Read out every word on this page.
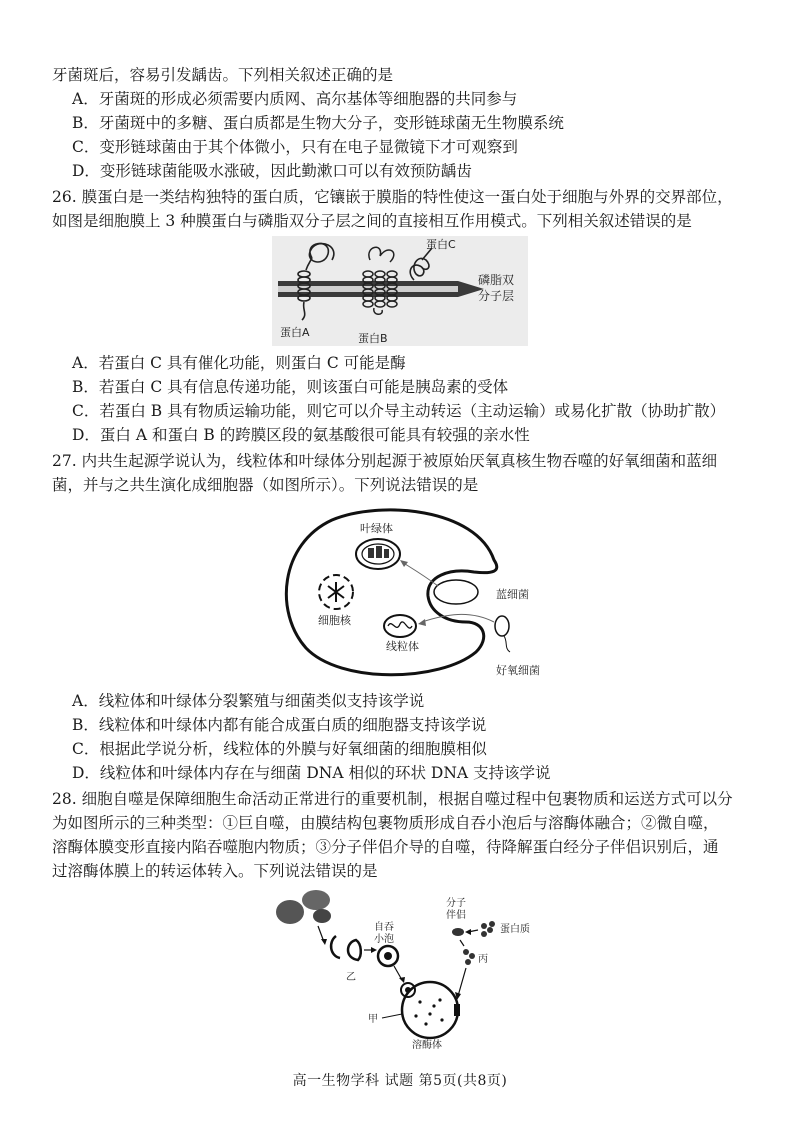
牙菌斑后，容易引发龋齿。下列相关叙述正确的是
A．牙菌斑的形成必须需要内质网、高尔基体等细胞器的共同参与
B．牙菌斑中的多糖、蛋白质都是生物大分子，变形链球菌无生物膜系统
C．变形链球菌由于其个体微小，只有在电子显微镜下才可观察到
D．变形链球菌能吸水涨破，因此勤漱口可以有效预防龋齿
26. 膜蛋白是一类结构独特的蛋白质，它镶嵌于膜脂的特性使这一蛋白处于细胞与外界的交界部位，
如图是细胞膜上 3 种膜蛋白与磷脂双分子层之间的直接相互作用模式。下列相关叙述错误的是
蛋白A	蛋白B
蛋白C
磷脂双
分子层
A．若蛋白 C 具有催化功能，则蛋白 C 可能是酶
B．若蛋白 C 具有信息传递功能，则该蛋白可能是胰岛素的受体
C．若蛋白 B 具有物质运输功能，则它可以介导主动转运（主动运输）或易化扩散（协助扩散）
D．蛋白 A 和蛋白 B 的跨膜区段的氨基酸很可能具有较强的亲水性
27. 内共生起源学说认为，线粒体和叶绿体分别起源于被原始厌氧真核生物吞噬的好氧细菌和蓝细
菌，并与之共生演化成细胞器（如图所示）。下列说法错误的是
叶绿体
细胞核
线粒体
蓝细菌
好氧细菌
A．线粒体和叶绿体分裂繁殖与细菌类似支持该学说
B．线粒体和叶绿体内都有能合成蛋白质的细胞器支持该学说
C．根据此学说分析，线粒体的外膜与好氧细菌的细胞膜相似
D．线粒体和叶绿体内存在与细菌 DNA 相似的环状 DNA 支持该学说
28. 细胞自噬是保障细胞生命活动正常进行的重要机制，根据自噬过程中包裹物质和运送方式可以分
为如图所示的三种类型：①巨自噬，由膜结构包裹物质形成自吞小泡后与溶酶体融合；②微自噬，
溶酶体膜变形直接内陷吞噬胞内物质；③分子伴侣介导的自噬，待降解蛋白经分子伴侣识别后，通
过溶酶体膜上的转运体转入。下列说法错误的是
乙
自吞
小泡
甲
溶酶体
分子
伴侣
蛋白质
丙
高一生物学科 试题 第5页(共8页)
